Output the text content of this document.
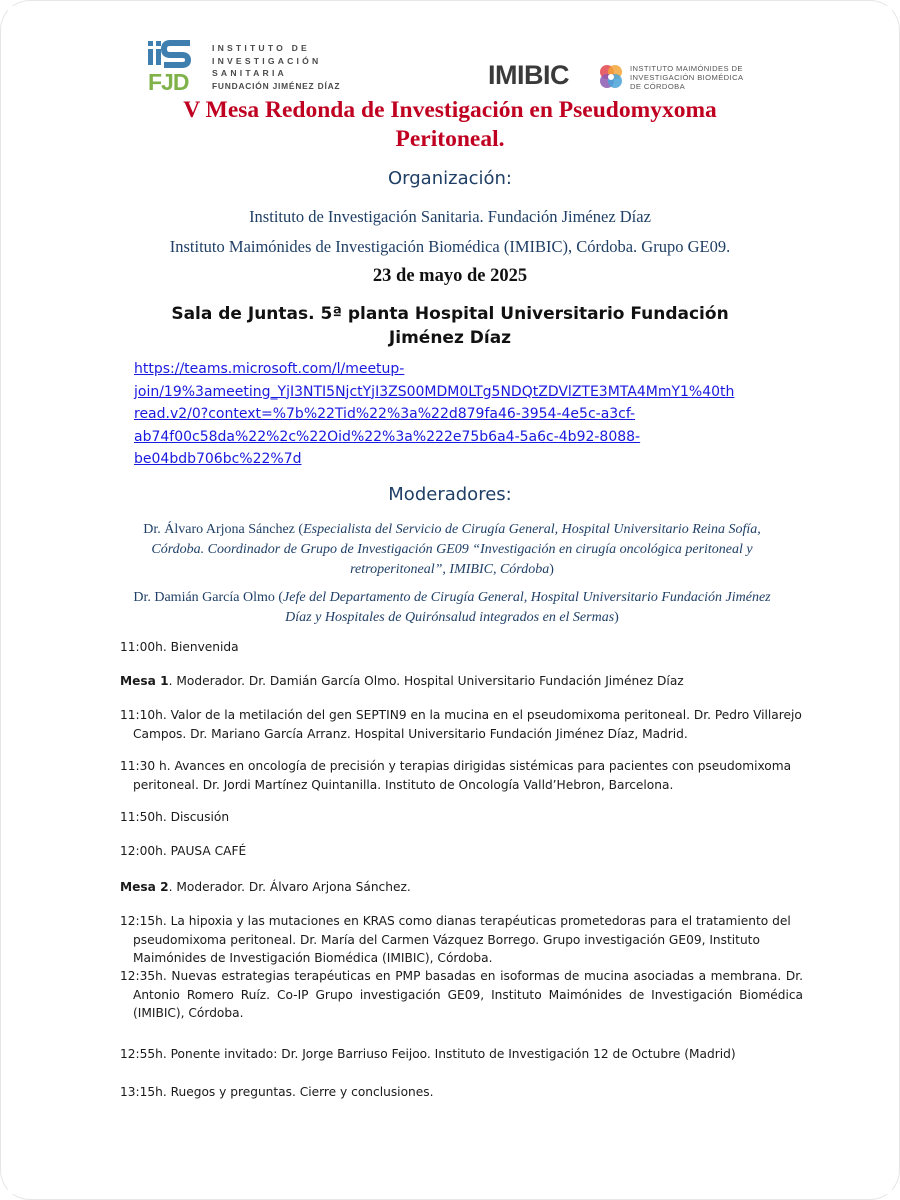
FJD
INSTITUTO DE
INVESTIGACIÓN
SANITARIA
FUNDACIÓN JIMÉNEZ DÍAZ	IMIBIC	INSTITUTO MAIMÓNIDES DE
INVESTIGACIÓN BIOMÉDICA
DE CÓRDOBA
V Mesa Redonda de Investigación en Pseudomyxoma
Peritoneal.
Organización:
Instituto de Investigación Sanitaria. Fundación Jiménez Díaz
Instituto Maimónides de Investigación Biomédica (IMIBIC), Córdoba. Grupo GE09.
23 de mayo de 2025
Sala de Juntas. 5ª planta Hospital Universitario Fundación
Jiménez Díaz
https://teams.microsoft.com/l/meetup-
join/19%3ameeting_YjI3NTI5NjctYjI3ZS00MDM0LTg5NDQtZDVlZTE3MTA4MmY1%40th
read.v2/0?context=%7b%22Tid%22%3a%22d879fa46-3954-4e5c-a3cf-
ab74f00c58da%22%2c%22Oid%22%3a%222e75b6a4-5a6c-4b92-8088-
be04bdb706bc%22%7d
Moderadores:
Dr. Álvaro Arjona Sánchez (Especialista del Servicio de Cirugía General, Hospital Universitario Reina Sofía, Córdoba. Coordinador de Grupo de Investigación GE09 “Investigación en cirugía oncológica peritoneal y retroperitoneal”, IMIBIC, Córdoba)
Dr. Damián García Olmo (Jefe del Departamento de Cirugía General, Hospital Universitario Fundación Jiménez Díaz y Hospitales de Quirónsalud integrados en el Sermas)
11:00h. Bienvenida
Mesa 1. Moderador. Dr. Damián García Olmo. Hospital Universitario Fundación Jiménez Díaz
11:10h. Valor de la metilación del gen SEPTIN9 en la mucina en el pseudomixoma peritoneal. Dr. Pedro Villarejo Campos. Dr. Mariano García Arranz. Hospital Universitario Fundación Jiménez Díaz, Madrid.
11:30 h. Avances en oncología de precisión y terapias dirigidas sistémicas para pacientes con pseudomixoma peritoneal. Dr. Jordi Martínez Quintanilla. Instituto de Oncología Valld’Hebron, Barcelona.
11:50h. Discusión
12:00h. PAUSA CAFÉ
Mesa 2. Moderador. Dr. Álvaro Arjona Sánchez.
12:15h. La hipoxia y las mutaciones en KRAS como dianas terapéuticas prometedoras para el tratamiento del pseudomixoma peritoneal. Dr. María del Carmen Vázquez Borrego. Grupo investigación GE09, Instituto Maimónides de Investigación Biomédica (IMIBIC), Córdoba.
12:35h. Nuevas estrategias terapéuticas en PMP basadas en isoformas de mucina asociadas a membrana. Dr. Antonio Romero Ruíz. Co-IP Grupo investigación GE09, Instituto Maimónides de Investigación Biomédica (IMIBIC), Córdoba.
12:55h. Ponente invitado: Dr. Jorge Barriuso Feijoo. Instituto de Investigación 12 de Octubre (Madrid)
13:15h. Ruegos y preguntas. Cierre y conclusiones.
